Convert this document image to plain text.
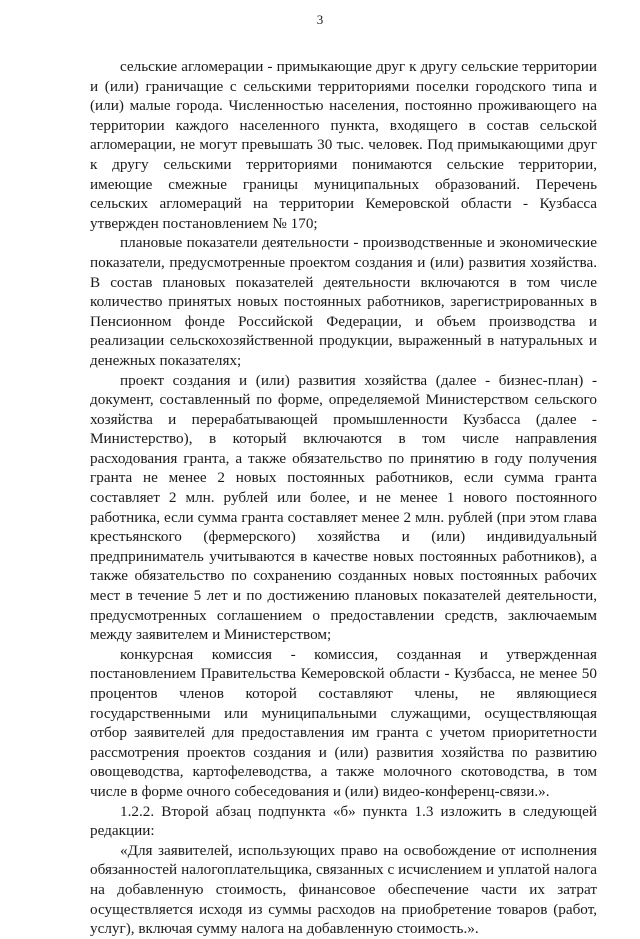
3

сельские агломерации - примыкающие друг к другу сельские территории и (или) граничащие с сельскими территориями поселки городского типа и (или) малые города. Численностью населения, постоянно проживающего на территории каждого населенного пункта, входящего в состав сельской агломерации, не могут превышать 30 тыс. человек. Под примыкающими друг к другу сельскими территориями понимаются сельские территории, имеющие смежные границы муниципальных образований. Перечень сельских агломераций на территории Кемеровской области - Кузбасса утвержден постановлением № 170;

плановые показатели деятельности - производственные и экономические показатели, предусмотренные проектом создания и (или) развития хозяйства. В состав плановых показателей деятельности включаются в том числе количество принятых новых постоянных работников, зарегистрированных в Пенсионном фонде Российской Федерации, и объем производства и реализации сельскохозяйственной продукции, выраженный в натуральных и денежных показателях;

проект создания и (или) развития хозяйства (далее - бизнес-план) - документ, составленный по форме, определяемой Министерством сельского хозяйства и перерабатывающей промышленности Кузбасса (далее - Министерство), в который включаются в том числе направления расходования гранта, а также обязательство по принятию в году получения гранта не менее 2 новых постоянных работников, если сумма гранта составляет 2 млн. рублей или более, и не менее 1 нового постоянного работника, если сумма гранта составляет менее 2 млн. рублей (при этом глава крестьянского (фермерского) хозяйства и (или) индивидуальный предприниматель учитываются в качестве новых постоянных работников), а также обязательство по сохранению созданных новых постоянных рабочих мест в течение 5 лет и по достижению плановых показателей деятельности, предусмотренных соглашением о предоставлении средств, заключаемым между заявителем и Министерством;

конкурсная комиссия - комиссия, созданная и утвержденная постановлением Правительства Кемеровской области - Кузбасса, не менее 50 процентов членов которой составляют члены, не являющиеся государственными или муниципальными служащими, осуществляющая отбор заявителей для предоставления им гранта с учетом приоритетности рассмотрения проектов создания и (или) развития хозяйства по развитию овощеводства, картофелеводства, а также молочного скотоводства, в том числе в форме очного собеседования и (или) видео-конференц-связи.».

1.2.2. Второй абзац подпункта «б» пункта 1.3 изложить в следующей редакции:

«Для заявителей, использующих право на освобождение от исполнения обязанностей налогоплательщика, связанных с исчислением и уплатой налога на добавленную стоимость, финансовое обеспечение части их затрат осуществляется исходя из суммы расходов на приобретение товаров (работ, услуг), включая сумму налога на добавленную стоимость.».
